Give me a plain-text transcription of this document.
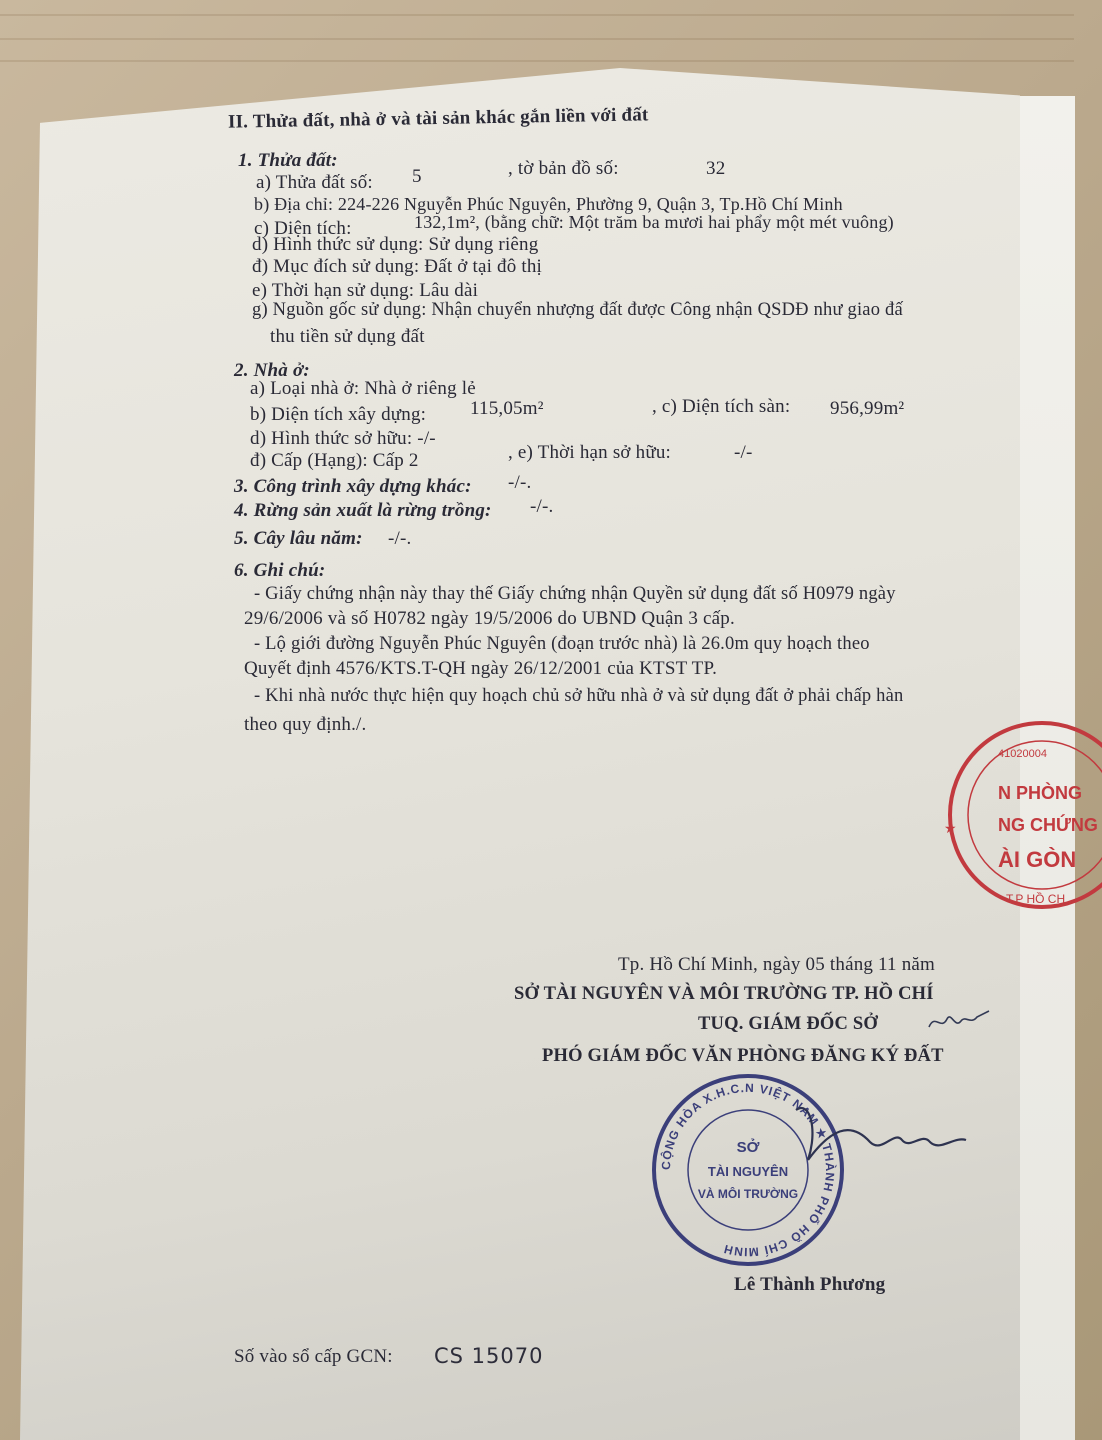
II. Thửa đất, nhà ở và tài sản khác gắn liền với đất
1. Thửa đất:
a) Thửa đất số: 5	, tờ bản đồ số:	32
b) Địa chỉ: 224-226 Nguyễn Phúc Nguyên, Phường 9, Quận 3, Tp.Hồ Chí Minh
c) Diện tích:	132,1m², (bằng chữ: Một trăm ba mươi hai phẩy một mét vuông)
d) Hình thức sử dụng: Sử dụng riêng
đ) Mục đích sử dụng: Đất ở tại đô thị
e) Thời hạn sử dụng: Lâu dài
g) Nguồn gốc sử dụng: Nhận chuyển nhượng đất được Công nhận QSDĐ như giao đấ
thu tiền sử dụng đất
2. Nhà ở:
a) Loại nhà ở: Nhà ở riêng lẻ
b) Diện tích xây dựng: 115,05m²	, c) Diện tích sàn: 956,99m²
d) Hình thức sở hữu: -/-
đ) Cấp (Hạng): Cấp 2	, e) Thời hạn sở hữu:	-/-
3. Công trình xây dựng khác: -/-.
4. Rừng sản xuất là rừng trồng: -/-.
5. Cây lâu năm: -/-.
6. Ghi chú:
- Giấy chứng nhận này thay thế Giấy chứng nhận Quyền sử dụng đất số H0979 ngày
29/6/2006 và số H0782 ngày 19/5/2006 do UBND Quận 3 cấp.
- Lộ giới đường Nguyễn Phúc Nguyên (đoạn trước nhà) là 26.0m quy hoạch theo
Quyết định 4576/KTS.T-QH ngày 26/12/2001 của KTST TP.
- Khi nhà nước thực hiện quy hoạch chủ sở hữu nhà ở và sử dụng đất ở phải chấp hàn
theo quy định./.
Tp. Hồ Chí Minh, ngày 05 tháng 11 năm
SỞ TÀI NGUYÊN VÀ MÔI TRƯỜNG TP. HỒ CHÍ
TUQ. GIÁM ĐỐC SỞ
PHÓ GIÁM ĐỐC VĂN PHÒNG ĐĂNG KÝ ĐẤT
Lê Thành Phương
Số vào sổ cấp GCN: CS 15070
41020004
N PHÒNG
NG CHỨNG
ÀI GÒN
T.P HỒ CH
★
CỘNG HÒA X.H.C.N VIỆT NAM ★ THÀNH PHỐ HỒ CHÍ MINH
SỞ
TÀI NGUYÊN
VÀ MÔI TRƯỜNG
